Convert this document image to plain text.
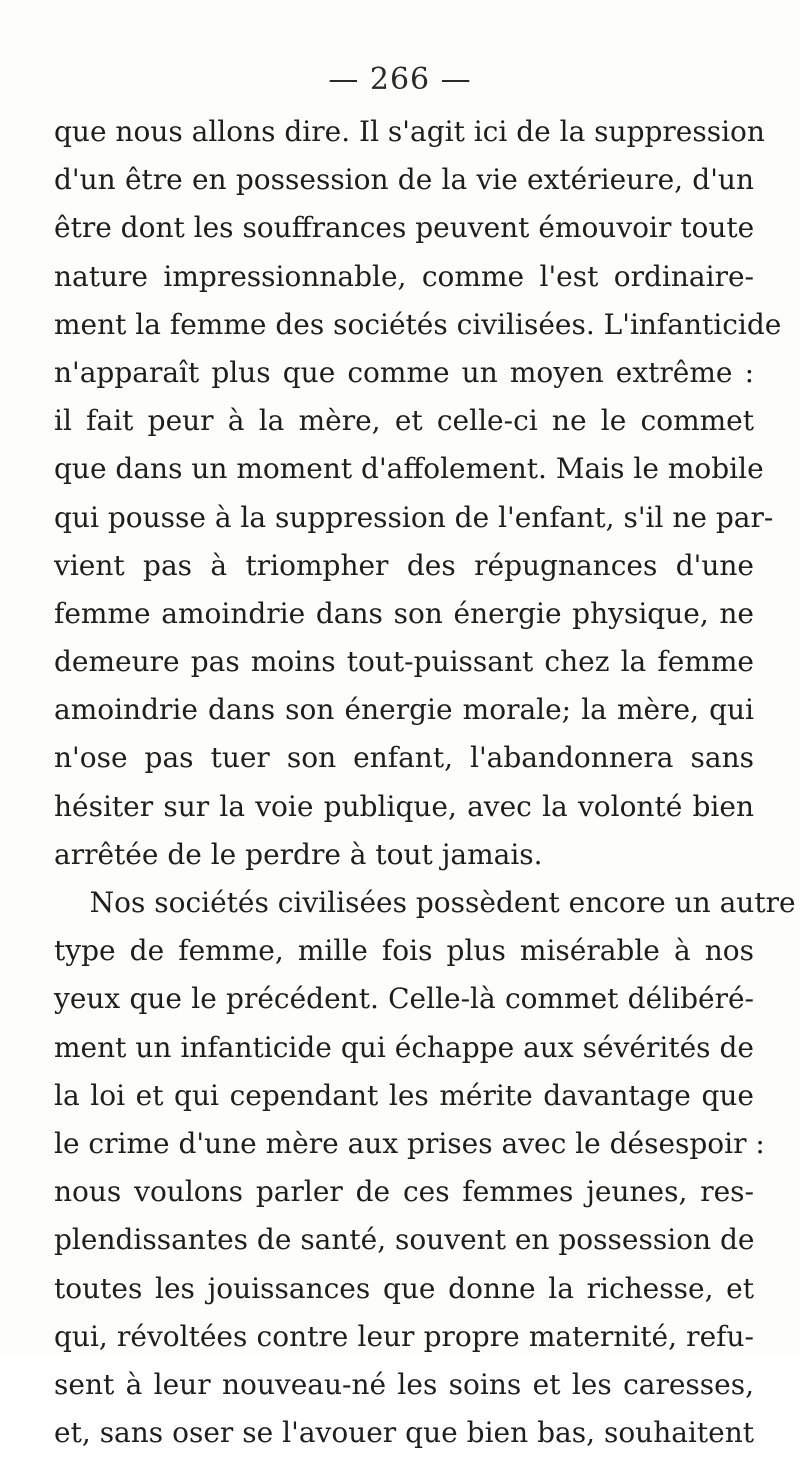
— 266 —
que nous allons dire. Il s'agit ici de la suppression
d'un être en possession de la vie extérieure, d'un
être dont les souffrances peuvent émouvoir toute
nature impressionnable, comme l'est ordinaire-
ment la femme des sociétés civilisées. L'infanticide
n'apparaît plus que comme un moyen extrême :
il fait peur à la mère, et celle-ci ne le commet
que dans un moment d'affolement. Mais le mobile
qui pousse à la suppression de l'enfant, s'il ne par-
vient pas à triompher des répugnances d'une
femme amoindrie dans son énergie physique, ne
demeure pas moins tout-puissant chez la femme
amoindrie dans son énergie morale; la mère, qui
n'ose pas tuer son enfant, l'abandonnera sans
hésiter sur la voie publique, avec la volonté bien
arrêtée de le perdre à tout jamais.
Nos sociétés civilisées possèdent encore un autre
type de femme, mille fois plus misérable à nos
yeux que le précédent. Celle-là commet délibéré-
ment un infanticide qui échappe aux sévérités de
la loi et qui cependant les mérite davantage que
le crime d'une mère aux prises avec le désespoir :
nous voulons parler de ces femmes jeunes, res-
plendissantes de santé, souvent en possession de
toutes les jouissances que donne la richesse, et
qui, révoltées contre leur propre maternité, refu-
sent à leur nouveau-né les soins et les caresses,
et, sans oser se l'avouer que bien bas, souhaitent
